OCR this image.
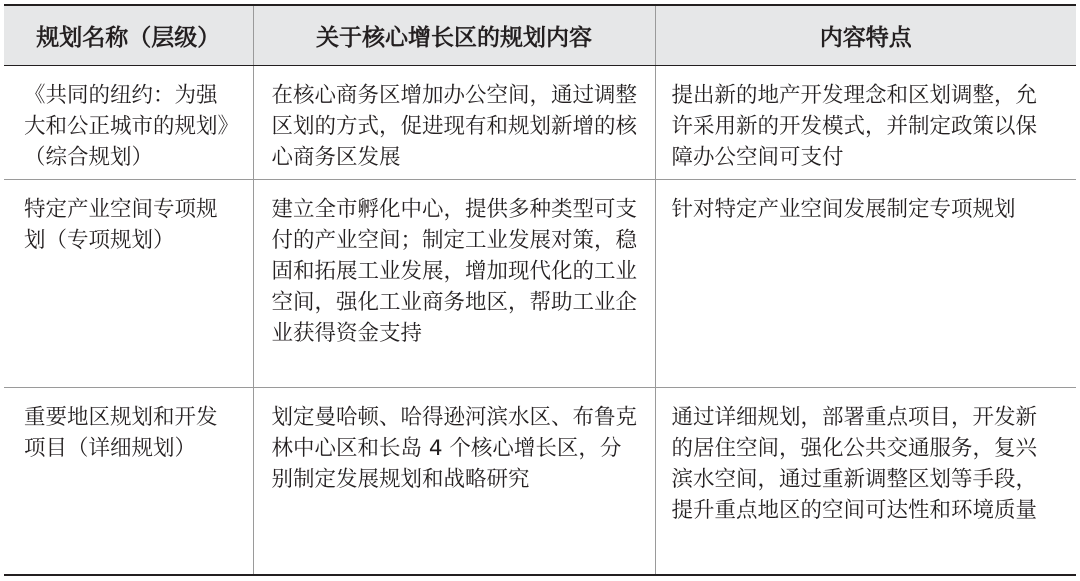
规划名称（层级）	关于核心增长区的规划内容	内容特点
《共同的纽约：为强大和公正城市的规划》（综合规划）	在核心商务区增加办公空间，通过调整区划的方式，促进现有和规划新增的核心商务区发展	提出新的地产开发理念和区划调整，允许采用新的开发模式，并制定政策以保障办公空间可支付
特定产业空间专项规划（专项规划）	建立全市孵化中心，提供多种类型可支付的产业空间；制定工业发展对策，稳固和拓展工业发展，增加现代化的工业空间，强化工业商务地区，帮助工业企业获得资金支持	针对特定产业空间发展制定专项规划
重要地区规划和开发项目（详细规划）	划定曼哈顿、哈得逊河滨水区、布鲁克林中心区和长岛 4 个核心增长区，分别制定发展规划和战略研究	通过详细规划，部署重点项目，开发新的居住空间，强化公共交通服务，复兴滨水空间，通过重新调整区划等手段，提升重点地区的空间可达性和环境质量
